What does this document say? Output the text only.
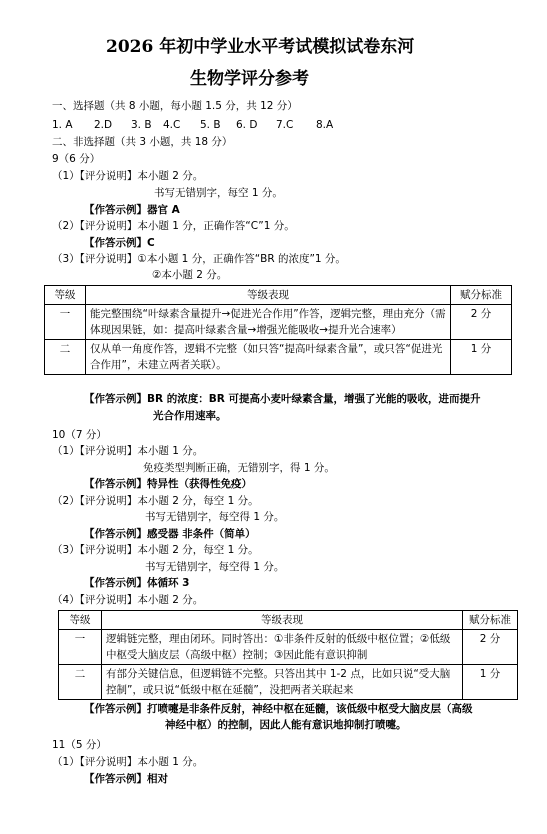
2026 年初中学业水平考试模拟试卷东河
生物学评分参考
一、选择题（共 8 小题，每小题 1.5 分，共 12 分）
1. A 2.D 3. B 4.C 5. B 6. D 7.C 8.A
二、非选择题（共 3 小题，共 18 分）
9（6 分）
（1）【评分说明】本小题 2 分。
书写无错别字，每空 1 分。
【作答示例】器官 A
（2）【评分说明】本小题 1 分，正确作答“C”1 分。
【作答示例】C
（3）【评分说明】①本小题 1 分，正确作答“BR 的浓度”1 分。
②本小题 2 分。
等级	等级表现	赋分标准
一	能完整围绕“叶绿素含量提升→促进光合作用”作答，逻辑完整，理由充分（需体现因果链，如：提高叶绿素含量→增强光能吸收→提升光合速率）	2 分
二	仅从单一角度作答，逻辑不完整（如只答“提高叶绿素含量”，或只答“促进光合作用”，未建立两者关联）。	1 分
【作答示例】BR 的浓度：BR 可提高小麦叶绿素含量，增强了光能的吸收，进而提升
光合作用速率。
10（7 分）
（1）【评分说明】本小题 1 分。
免疫类型判断正确，无错别字，得 1 分。
【作答示例】特异性（获得性免疫）
（2）【评分说明】本小题 2 分，每空 1 分。
书写无错别字，每空得 1 分。
【作答示例】感受器 非条件（简单）
（3）【评分说明】本小题 2 分，每空 1 分。
书写无错别字，每空得 1 分。
【作答示例】体循环 3
（4）【评分说明】本小题 2 分。
等级	等级表现	赋分标准
一	逻辑链完整，理由闭环。同时答出：①非条件反射的低级中枢位置；②低级中枢受大脑皮层（高级中枢）控制；③因此能有意识抑制	2 分
二	有部分关键信息，但逻辑链不完整。只答出其中 1-2 点，比如只说“受大脑控制”，或只说“低级中枢在延髓”，没把两者关联起来	1 分
【作答示例】打喷嚏是非条件反射，神经中枢在延髓，该低级中枢受大脑皮层（高级
神经中枢）的控制，因此人能有意识地抑制打喷嚏。
11（5 分）
（1）【评分说明】本小题 1 分。
【作答示例】相对
